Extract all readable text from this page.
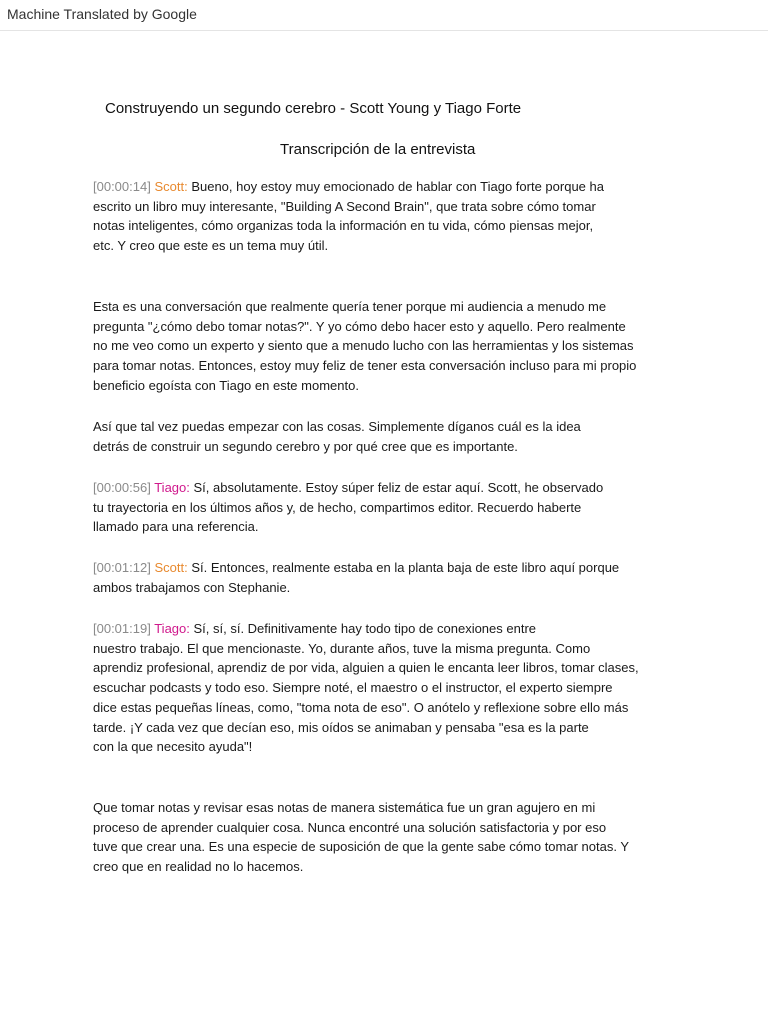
Machine Translated by Google
Construyendo un segundo cerebro - Scott Young y Tiago Forte
Transcripción de la entrevista
[00:00:14] Scott: Bueno, hoy estoy muy emocionado de hablar con Tiago forte porque ha
escrito un libro muy interesante, "Building A Second Brain", que trata sobre cómo tomar
notas inteligentes, cómo organizas toda la información en tu vida, cómo piensas mejor,
etc. Y creo que este es un tema muy útil.
Esta es una conversación que realmente quería tener porque mi audiencia a menudo me
pregunta "¿cómo debo tomar notas?". Y yo cómo debo hacer esto y aquello. Pero realmente
no me veo como un experto y siento que a menudo lucho con las herramientas y los sistemas
para tomar notas. Entonces, estoy muy feliz de tener esta conversación incluso para mi propio
beneficio egoísta con Tiago en este momento.
Así que tal vez puedas empezar con las cosas. Simplemente díganos cuál es la idea
detrás de construir un segundo cerebro y por qué cree que es importante.
[00:00:56] Tiago: Sí, absolutamente. Estoy súper feliz de estar aquí. Scott, he observado
tu trayectoria en los últimos años y, de hecho, compartimos editor. Recuerdo haberte
llamado para una referencia.
[00:01:12] Scott: Sí. Entonces, realmente estaba en la planta baja de este libro aquí porque
ambos trabajamos con Stephanie.
[00:01:19] Tiago: Sí, sí, sí. Definitivamente hay todo tipo de conexiones entre
nuestro trabajo. El que mencionaste. Yo, durante años, tuve la misma pregunta. Como
aprendiz profesional, aprendiz de por vida, alguien a quien le encanta leer libros, tomar clases,
escuchar podcasts y todo eso. Siempre noté, el maestro o el instructor, el experto siempre
dice estas pequeñas líneas, como, "toma nota de eso". O anótelo y reflexione sobre ello más
tarde. ¡Y cada vez que decían eso, mis oídos se animaban y pensaba "esa es la parte
con la que necesito ayuda"!
Que tomar notas y revisar esas notas de manera sistemática fue un gran agujero en mi
proceso de aprender cualquier cosa. Nunca encontré una solución satisfactoria y por eso
tuve que crear una. Es una especie de suposición de que la gente sabe cómo tomar notas. Y
creo que en realidad no lo hacemos.
